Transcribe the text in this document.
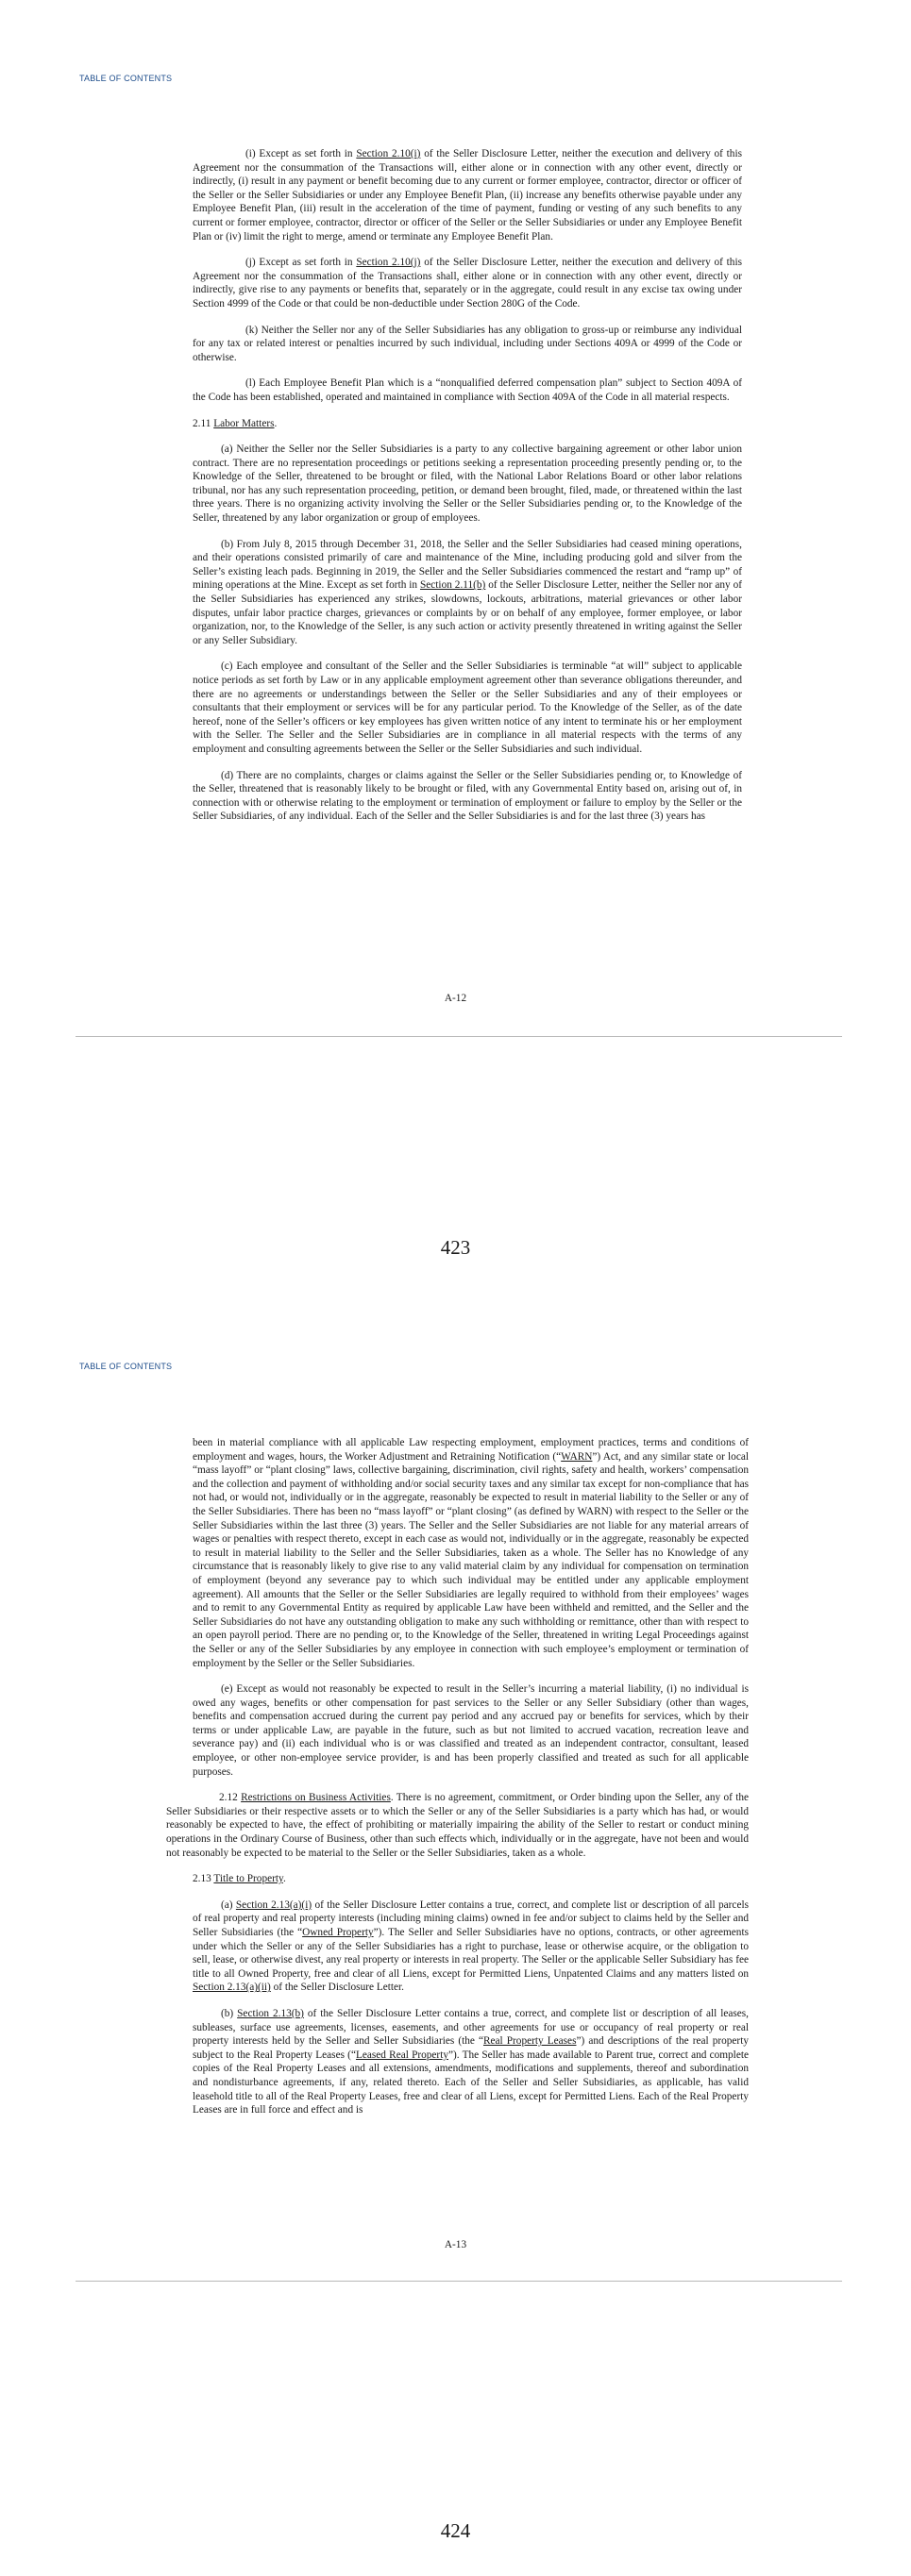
TABLE OF CONTENTS

(i) Except as set forth in Section 2.10(i) of the Seller Disclosure Letter, neither the execution and delivery of this Agreement nor the consummation of the Transactions will, either alone or in connection with any other event, directly or indirectly, (i) result in any payment or benefit becoming due to any current or former employee, contractor, director or officer of the Seller or the Seller Subsidiaries or under any Employee Benefit Plan, (ii) increase any benefits otherwise payable under any Employee Benefit Plan, (iii) result in the acceleration of the time of payment, funding or vesting of any such benefits to any current or former employee, contractor, director or officer of the Seller or the Seller Subsidiaries or under any Employee Benefit Plan or (iv) limit the right to merge, amend or terminate any Employee Benefit Plan.

(j) Except as set forth in Section 2.10(j) of the Seller Disclosure Letter, neither the execution and delivery of this Agreement nor the consummation of the Transactions shall, either alone or in connection with any other event, directly or indirectly, give rise to any payments or benefits that, separately or in the aggregate, could result in any excise tax owing under Section 4999 of the Code or that could be non-deductible under Section 280G of the Code.

(k) Neither the Seller nor any of the Seller Subsidiaries has any obligation to gross-up or reimburse any individual for any tax or related interest or penalties incurred by such individual, including under Sections 409A or 4999 of the Code or otherwise.

(l) Each Employee Benefit Plan which is a “nonqualified deferred compensation plan” subject to Section 409A of the Code has been established, operated and maintained in compliance with Section 409A of the Code in all material respects.

2.11 Labor Matters.

(a) Neither the Seller nor the Seller Subsidiaries is a party to any collective bargaining agreement or other labor union contract. There are no representation proceedings or petitions seeking a representation proceeding presently pending or, to the Knowledge of the Seller, threatened to be brought or filed, with the National Labor Relations Board or other labor relations tribunal, nor has any such representation proceeding, petition, or demand been brought, filed, made, or threatened within the last three years. There is no organizing activity involving the Seller or the Seller Subsidiaries pending or, to the Knowledge of the Seller, threatened by any labor organization or group of employees.

(b) From July 8, 2015 through December 31, 2018, the Seller and the Seller Subsidiaries had ceased mining operations, and their operations consisted primarily of care and maintenance of the Mine, including producing gold and silver from the Seller’s existing leach pads. Beginning in 2019, the Seller and the Seller Subsidiaries commenced the restart and “ramp up” of mining operations at the Mine. Except as set forth in Section 2.11(b) of the Seller Disclosure Letter, neither the Seller nor any of the Seller Subsidiaries has experienced any strikes, slowdowns, lockouts, arbitrations, material grievances or other labor disputes, unfair labor practice charges, grievances or complaints by or on behalf of any employee, former employee, or labor organization, nor, to the Knowledge of the Seller, is any such action or activity presently threatened in writing against the Seller or any Seller Subsidiary.

(c) Each employee and consultant of the Seller and the Seller Subsidiaries is terminable “at will” subject to applicable notice periods as set forth by Law or in any applicable employment agreement other than severance obligations thereunder, and there are no agreements or understandings between the Seller or the Seller Subsidiaries and any of their employees or consultants that their employment or services will be for any particular period. To the Knowledge of the Seller, as of the date hereof, none of the Seller’s officers or key employees has given written notice of any intent to terminate his or her employment with the Seller. The Seller and the Seller Subsidiaries are in compliance in all material respects with the terms of any employment and consulting agreements between the Seller or the Seller Subsidiaries and such individual.

(d) There are no complaints, charges or claims against the Seller or the Seller Subsidiaries pending or, to Knowledge of the Seller, threatened that is reasonably likely to be brought or filed, with any Governmental Entity based on, arising out of, in connection with or otherwise relating to the employment or termination of employment or failure to employ by the Seller or the Seller Subsidiaries, of any individual. Each of the Seller and the Seller Subsidiaries is and for the last three (3) years has

A-12
423
TABLE OF CONTENTS

been in material compliance with all applicable Law respecting employment, employment practices, terms and conditions of employment and wages, hours, the Worker Adjustment and Retraining Notification (“WARN”) Act, and any similar state or local “mass layoff” or “plant closing” laws, collective bargaining, discrimination, civil rights, safety and health, workers’ compensation and the collection and payment of withholding and/or social security taxes and any similar tax except for non-compliance that has not had, or would not, individually or in the aggregate, reasonably be expected to result in material liability to the Seller or any of the Seller Subsidiaries. There has been no “mass layoff” or “plant closing” (as defined by WARN) with respect to the Seller or the Seller Subsidiaries within the last three (3) years. The Seller and the Seller Subsidiaries are not liable for any material arrears of wages or penalties with respect thereto, except in each case as would not, individually or in the aggregate, reasonably be expected to result in material liability to the Seller and the Seller Subsidiaries, taken as a whole. The Seller has no Knowledge of any circumstance that is reasonably likely to give rise to any valid material claim by any individual for compensation on termination of employment (beyond any severance pay to which such individual may be entitled under any applicable employment agreement). All amounts that the Seller or the Seller Subsidiaries are legally required to withhold from their employees’ wages and to remit to any Governmental Entity as required by applicable Law have been withheld and remitted, and the Seller and the Seller Subsidiaries do not have any outstanding obligation to make any such withholding or remittance, other than with respect to an open payroll period. There are no pending or, to the Knowledge of the Seller, threatened in writing Legal Proceedings against the Seller or any of the Seller Subsidiaries by any employee in connection with such employee’s employment or termination of employment by the Seller or the Seller Subsidiaries.

(e) Except as would not reasonably be expected to result in the Seller’s incurring a material liability, (i) no individual is owed any wages, benefits or other compensation for past services to the Seller or any Seller Subsidiary (other than wages, benefits and compensation accrued during the current pay period and any accrued pay or benefits for services, which by their terms or under applicable Law, are payable in the future, such as but not limited to accrued vacation, recreation leave and severance pay) and (ii) each individual who is or was classified and treated as an independent contractor, consultant, leased employee, or other non-employee service provider, is and has been properly classified and treated as such for all applicable purposes.

2.12 Restrictions on Business Activities. There is no agreement, commitment, or Order binding upon the Seller, any of the Seller Subsidiaries or their respective assets or to which the Seller or any of the Seller Subsidiaries is a party which has had, or would reasonably be expected to have, the effect of prohibiting or materially impairing the ability of the Seller to restart or conduct mining operations in the Ordinary Course of Business, other than such effects which, individually or in the aggregate, have not been and would not reasonably be expected to be material to the Seller or the Seller Subsidiaries, taken as a whole.

2.13 Title to Property.

(a) Section 2.13(a)(i) of the Seller Disclosure Letter contains a true, correct, and complete list or description of all parcels of real property and real property interests (including mining claims) owned in fee and/or subject to claims held by the Seller and Seller Subsidiaries (the “Owned Property”). The Seller and Seller Subsidiaries have no options, contracts, or other agreements under which the Seller or any of the Seller Subsidiaries has a right to purchase, lease or otherwise acquire, or the obligation to sell, lease, or otherwise divest, any real property or interests in real property. The Seller or the applicable Seller Subsidiary has fee title to all Owned Property, free and clear of all Liens, except for Permitted Liens, Unpatented Claims and any matters listed on Section 2.13(a)(ii) of the Seller Disclosure Letter.

(b) Section 2.13(b) of the Seller Disclosure Letter contains a true, correct, and complete list or description of all leases, subleases, surface use agreements, licenses, easements, and other agreements for use or occupancy of real property or real property interests held by the Seller and Seller Subsidiaries (the “Real Property Leases”) and descriptions of the real property subject to the Real Property Leases (“Leased Real Property”). The Seller has made available to Parent true, correct and complete copies of the Real Property Leases and all extensions, amendments, modifications and supplements, thereof and subordination and nondisturbance agreements, if any, related thereto. Each of the Seller and Seller Subsidiaries, as applicable, has valid leasehold title to all of the Real Property Leases, free and clear of all Liens, except for Permitted Liens. Each of the Real Property Leases are in full force and effect and is

A-13
424
